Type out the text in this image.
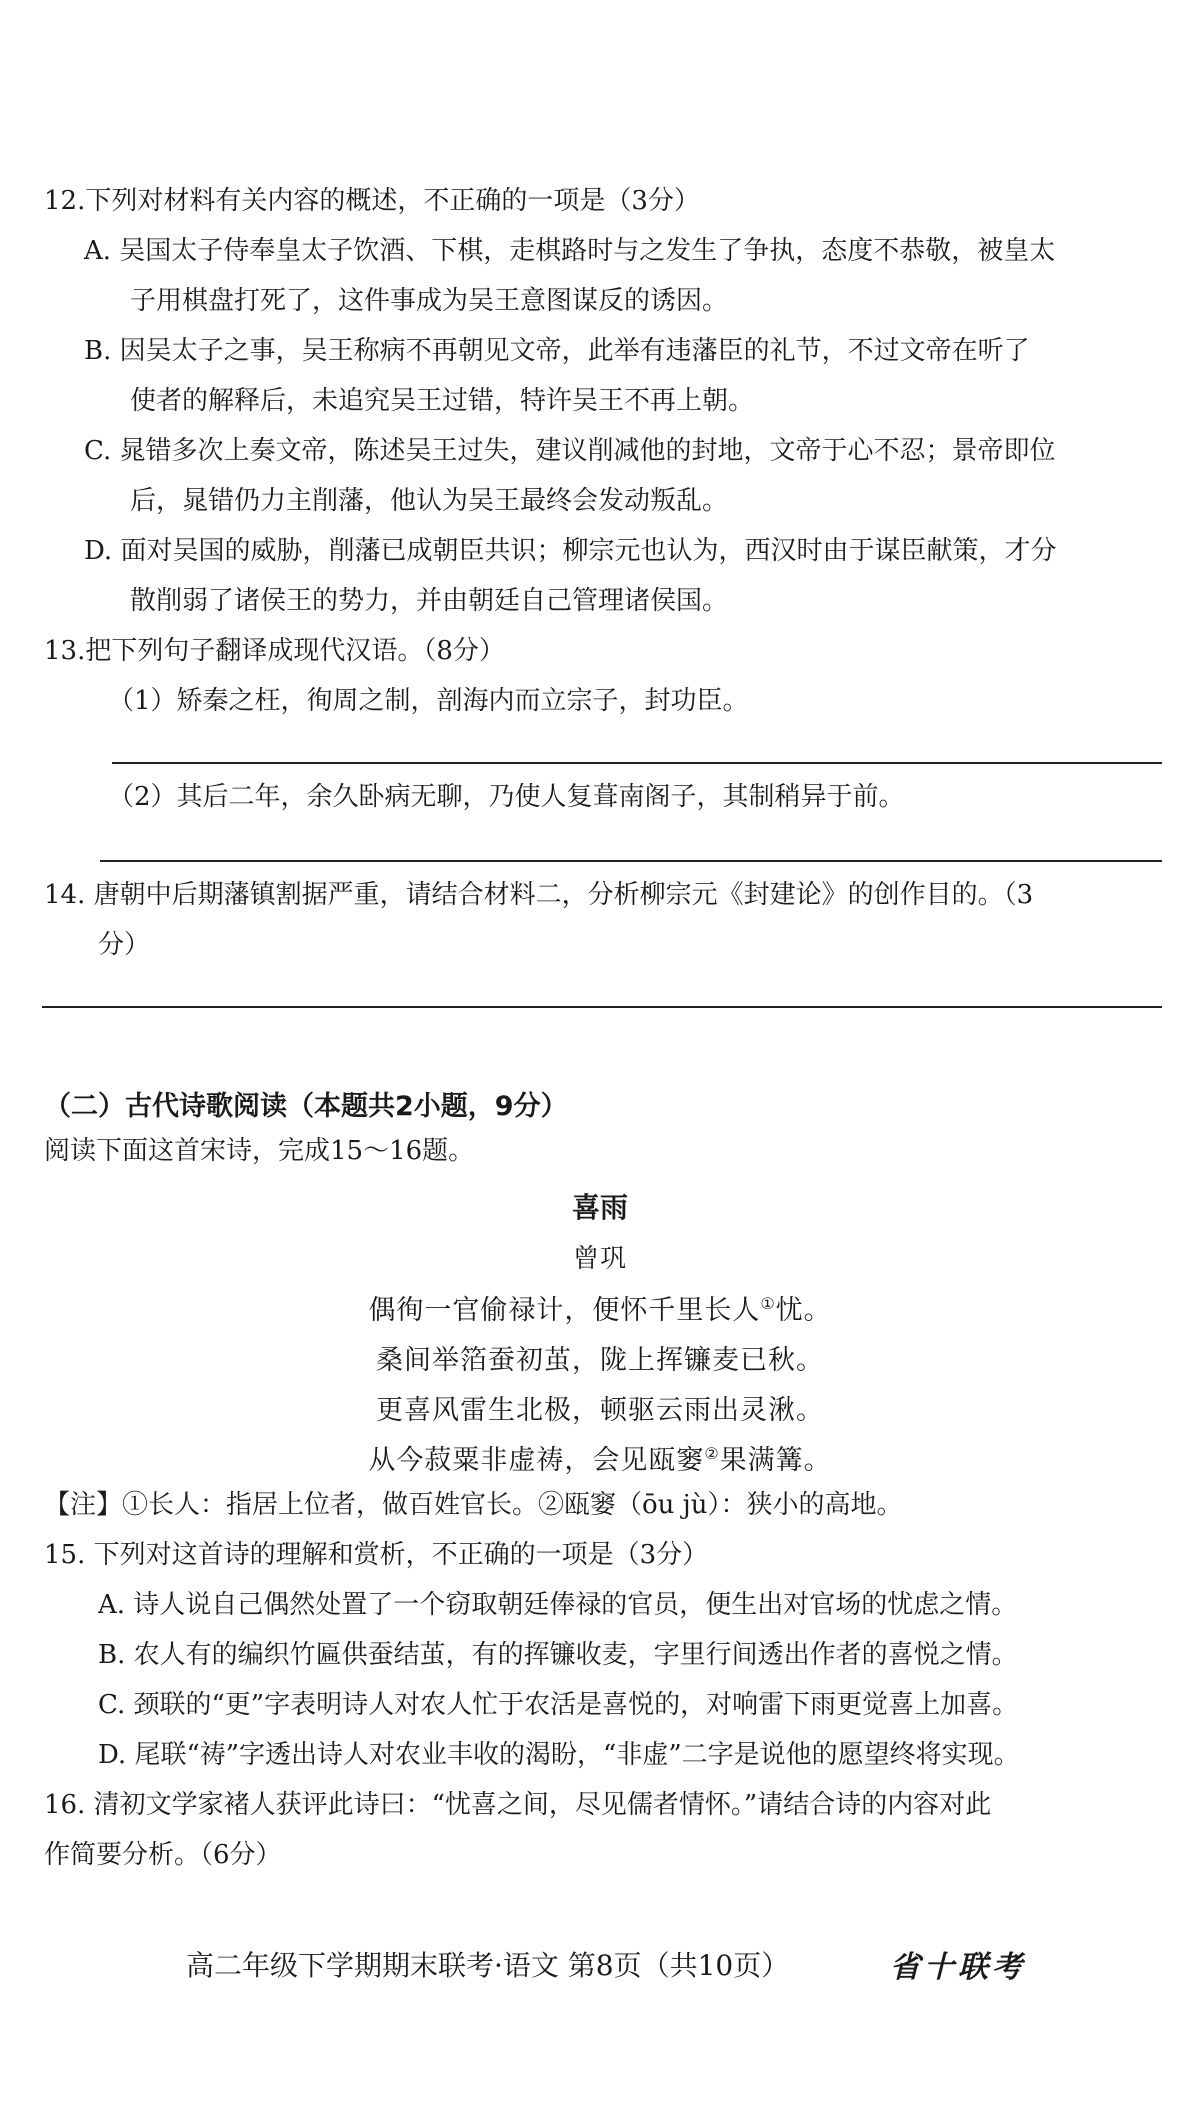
12.下列对材料有关内容的概述，不正确的一项是（3分）
A. 吴国太子侍奉皇太子饮酒、下棋，走棋路时与之发生了争执，态度不恭敬，被皇太
子用棋盘打死了，这件事成为吴王意图谋反的诱因。
B. 因吴太子之事，吴王称病不再朝见文帝，此举有违藩臣的礼节，不过文帝在听了
使者的解释后，未追究吴王过错，特许吴王不再上朝。
C. 晁错多次上奏文帝，陈述吴王过失，建议削减他的封地，文帝于心不忍；景帝即位
后，晁错仍力主削藩，他认为吴王最终会发动叛乱。
D. 面对吴国的威胁，削藩已成朝臣共识；柳宗元也认为，西汉时由于谋臣献策，才分
散削弱了诸侯王的势力，并由朝廷自己管理诸侯国。
13.把下列句子翻译成现代汉语。（8分）
（1）矫秦之枉，徇周之制，剖海内而立宗子，封功臣。
（2）其后二年，余久卧病无聊，乃使人复葺南阁子，其制稍异于前。
14. 唐朝中后期藩镇割据严重，请结合材料二，分析柳宗元《封建论》的创作目的。（3
分）
（二）古代诗歌阅读（本题共2小题，9分）
阅读下面这首宋诗，完成15～16题。
喜雨
曾巩
偶徇一官偷禄计，便怀千里长人①忧。
桑间举箔蚕初茧，陇上挥镰麦已秋。
更喜风雷生北极，顿驱云雨出灵湫。
从今菽粟非虚祷，会见瓯窭②果满篝。
【注】①长人：指居上位者，做百姓官长。②瓯窭（ōu jù）：狭小的高地。
15. 下列对这首诗的理解和赏析，不正确的一项是（3分）
A. 诗人说自己偶然处置了一个窃取朝廷俸禄的官员，便生出对官场的忧虑之情。
B. 农人有的编织竹匾供蚕结茧，有的挥镰收麦，字里行间透出作者的喜悦之情。
C. 颈联的“更”字表明诗人对农人忙于农活是喜悦的，对响雷下雨更觉喜上加喜。
D. 尾联“祷”字透出诗人对农业丰收的渴盼，“非虚”二字是说他的愿望终将实现。
16. 清初文学家褚人获评此诗曰：“忧喜之间，尽见儒者情怀。”请结合诗的内容对此
作简要分析。（6分）
高二年级下学期期末联考·语文 第8页（共10页）	省十联考
